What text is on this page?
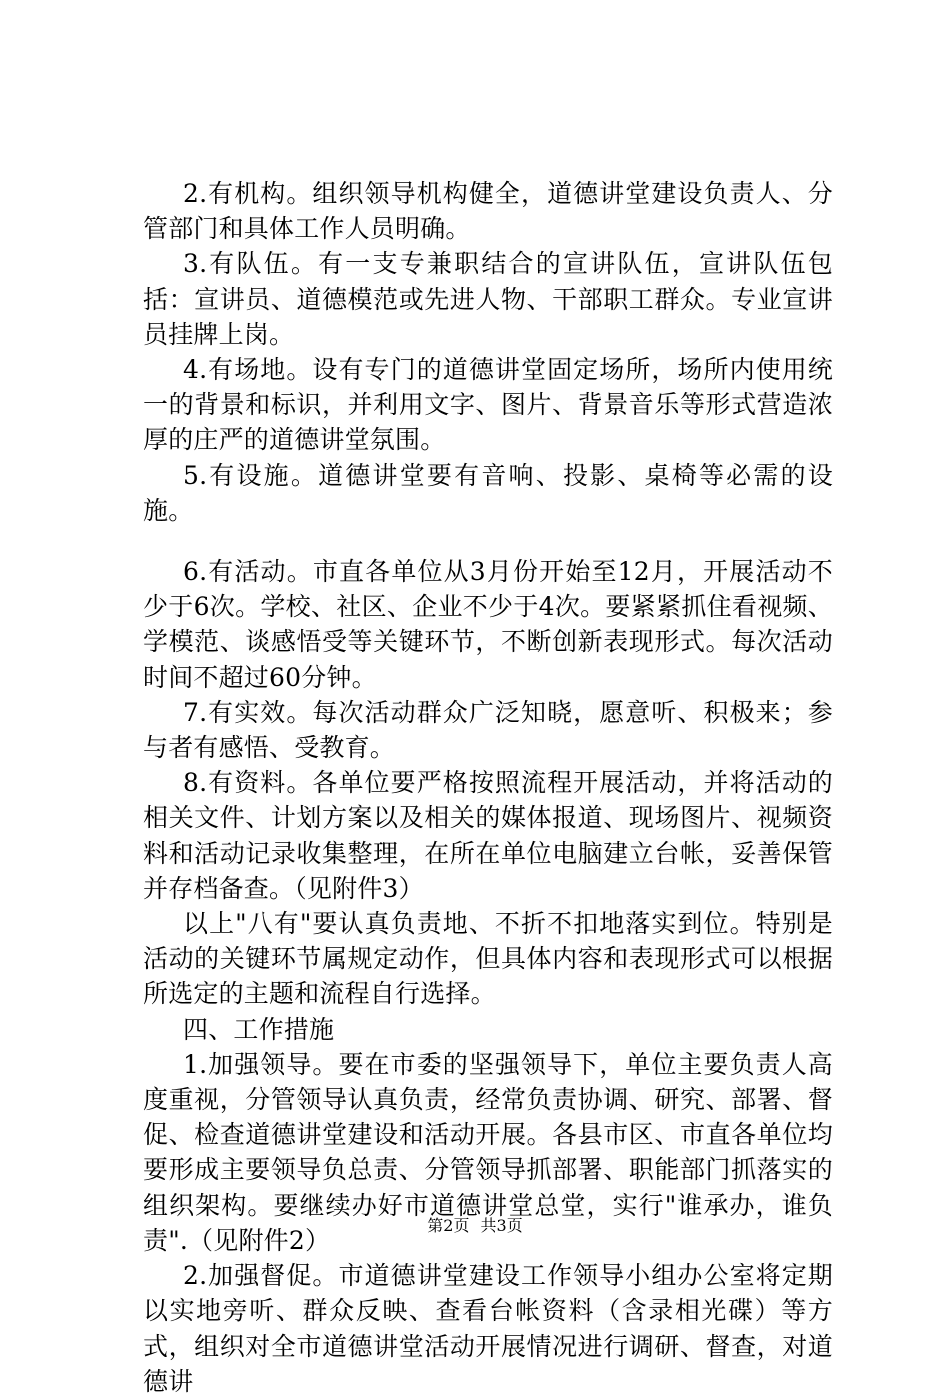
2.有机构。组织领导机构健全，道德讲堂建设负责人、分管部门和具体工作人员明确。

3.有队伍。有一支专兼职结合的宣讲队伍，宣讲队伍包括：宣讲员、道德模范或先进人物、干部职工群众。专业宣讲员挂牌上岗。

4.有场地。设有专门的道德讲堂固定场所，场所内使用统一的背景和标识，并利用文字、图片、背景音乐等形式营造浓厚的庄严的道德讲堂氛围。

5.有设施。道德讲堂要有音响、投影、桌椅等必需的设施。

6.有活动。市直各单位从3月份开始至12月，开展活动不少于6次。学校、社区、企业不少于4次。要紧紧抓住看视频、学模范、谈感悟受等关键环节，不断创新表现形式。每次活动时间不超过60分钟。

7.有实效。每次活动群众广泛知晓，愿意听、积极来；参与者有感悟、受教育。

8.有资料。各单位要严格按照流程开展活动，并将活动的相关文件、计划方案以及相关的媒体报道、现场图片、视频资料和活动记录收集整理，在所在单位电脑建立台帐，妥善保管并存档备查。（见附件3）

以上"八有"要认真负责地、不折不扣地落实到位。特别是活动的关键环节属规定动作，但具体内容和表现形式可以根据所选定的主题和流程自行选择。

四、工作措施

1.加强领导。要在市委的坚强领导下，单位主要负责人高度重视，分管领导认真负责，经常负责协调、研究、部署、督促、检查道德讲堂建设和活动开展。各县市区、市直各单位均要形成主要领导负总责、分管领导抓部署、职能部门抓落实的组织架构。要继续办好市道德讲堂总堂，实行"谁承办，谁负责".（见附件2）

2.加强督促。市道德讲堂建设工作领导小组办公室将定期以实地旁听、群众反映、查看台帐资料（含录相光碟）等方式，组织对全市道德讲堂活动开展情况进行调研、督查，对道德讲

第2页 共3页
